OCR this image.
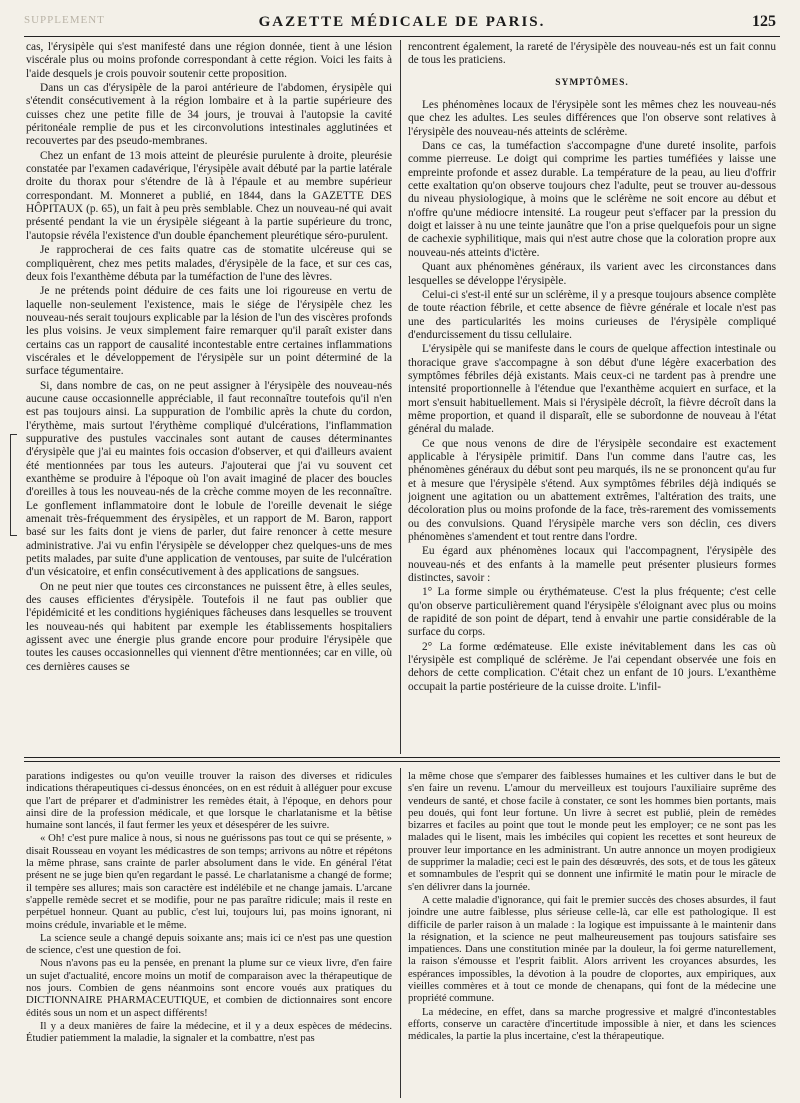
SUPPLEMENT	GAZETTE MÉDICALE DE PARIS.	125

cas, l'érysipèle qui s'est manifesté dans une région donnée, tient à une lésion viscérale plus ou moins profonde correspondant à cette région. Voici les faits à l'aide desquels je crois pouvoir soutenir cette proposition.

Dans un cas d'érysipèle de la paroi antérieure de l'abdomen, érysipèle qui s'étendit consécutivement à la région lombaire et à la partie supérieure des cuisses chez une petite fille de 34 jours, je trouvai à l'autopsie la cavité péritonéale remplie de pus et les circonvolutions intestinales agglutinées et recouvertes par des pseudo-membranes.

Chez un enfant de 13 mois atteint de pleurésie purulente à droite, pleurésie constatée par l'examen cadavérique, l'érysipèle avait débuté par la partie latérale droite du thorax pour s'étendre de là à l'épaule et au membre supérieur correspondant. M. Monneret a publié, en 1844, dans la GAZETTE DES HÔPITAUX (p. 65), un fait à peu près semblable. Chez un nouveau-né qui avait présenté pendant la vie un érysipèle siégeant à la partie supérieure du tronc, l'autopsie révéla l'existence d'un double épanchement pleurétique séro-purulent.

Je rapprocherai de ces faits quatre cas de stomatite ulcéreuse qui se compliquèrent, chez mes petits malades, d'érysipèle de la face, et sur ces cas, deux fois l'exanthème débuta par la tuméfaction de l'une des lèvres.

Je ne prétends point déduire de ces faits une loi rigoureuse en vertu de laquelle non-seulement l'existence, mais le siége de l'érysipèle chez les nouveau-nés serait toujours explicable par la lésion de l'un des viscères profonds les plus voisins. Je veux simplement faire remarquer qu'il paraît exister dans certains cas un rapport de causalité incontestable entre certaines inflammations viscérales et le développement de l'érysipèle sur un point déterminé de la surface tégumentaire.

Si, dans nombre de cas, on ne peut assigner à l'érysipèle des nouveau-nés aucune cause occasionnelle appréciable, il faut reconnaître toutefois qu'il n'en est pas toujours ainsi. La suppuration de l'ombilic après la chute du cordon, l'érythème, mais surtout l'érythème compliqué d'ulcérations, l'inflammation suppurative des pustules vaccinales sont autant de causes déterminantes d'érysipèle que j'ai eu maintes fois occasion d'observer, et qui d'ailleurs avaient été mentionnées par tous les auteurs. J'ajouterai que j'ai vu souvent cet exanthème se produire à l'époque où l'on avait imaginé de placer des boucles d'oreilles à tous les nouveau-nés de la crèche comme moyen de les reconnaître. Le gonflement inflammatoire dont le lobule de l'oreille devenait le siége amenait très-fréquemment des érysipèles, et un rapport de M. Baron, rapport basé sur les faits dont je viens de parler, dut faire renoncer à cette mesure administrative. J'ai vu enfin l'érysipèle se développer chez quelques-uns de mes petits malades, par suite d'une application de ventouses, par suite de l'ulcération d'un vésicatoire, et enfin consécutivement à des applications de sangsues.

On ne peut nier que toutes ces circonstances ne puissent être, à elles seules, des causes efficientes d'érysipèle. Toutefois il ne faut pas oublier que l'épidémicité et les conditions hygiéniques fâcheuses dans lesquelles se trouvent les nouveau-nés qui habitent par exemple les établissements hospitaliers agissent avec une énergie plus grande encore pour produire l'érysipèle que toutes les causes occasionnelles qui viennent d'être mentionnées; car en ville, où ces dernières causes se

rencontrent également, la rareté de l'érysipèle des nouveau-nés est un fait connu de tous les praticiens.

SYMPTÔMES.

Les phénomènes locaux de l'érysipèle sont les mêmes chez les nouveau-nés que chez les adultes. Les seules différences que l'on observe sont relatives à l'érysipèle des nouveau-nés atteints de sclérème.

Dans ce cas, la tuméfaction s'accompagne d'une dureté insolite, parfois comme pierreuse. Le doigt qui comprime les parties tuméfiées y laisse une empreinte profonde et assez durable. La température de la peau, au lieu d'offrir cette exaltation qu'on observe toujours chez l'adulte, peut se trouver au-dessous du niveau physiologique, à moins que le sclérème ne soit encore au début et n'offre qu'une médiocre intensité. La rougeur peut s'effacer par la pression du doigt et laisser à nu une teinte jaunâtre que l'on a prise quelquefois pour un signe de cachexie syphilitique, mais qui n'est autre chose que la coloration propre aux nouveau-nés atteints d'ictère.

Quant aux phénomènes généraux, ils varient avec les circonstances dans lesquelles se développe l'érysipèle.

Celui-ci s'est-il enté sur un sclérème, il y a presque toujours absence complète de toute réaction fébrile, et cette absence de fièvre générale et locale n'est pas une des particularités les moins curieuses de l'érysipèle compliqué d'endurcissement du tissu cellulaire.

L'érysipèle qui se manifeste dans le cours de quelque affection intestinale ou thoracique grave s'accompagne à son début d'une légère exacerbation des symptômes fébriles déjà existants. Mais ceux-ci ne tardent pas à prendre une intensité proportionnelle à l'étendue que l'exanthème acquiert en surface, et la mort s'ensuit habituellement. Mais si l'érysipèle décroît, la fièvre décroît dans la même proportion, et quand il disparaît, elle se subordonne de nouveau à l'état général du malade.

Ce que nous venons de dire de l'érysipèle secondaire est exactement applicable à l'érysipèle primitif. Dans l'un comme dans l'autre cas, les phénomènes généraux du début sont peu marqués, ils ne se prononcent qu'au fur et à mesure que l'érysipèle s'étend. Aux symptômes fébriles déjà indiqués se joignent une agitation ou un abattement extrêmes, l'altération des traits, une décoloration plus ou moins profonde de la face, très-rarement des vomissements ou des convulsions. Quand l'érysipèle marche vers son déclin, ces divers phénomènes s'amendent et tout rentre dans l'ordre.

Eu égard aux phénomènes locaux qui l'accompagnent, l'érysipèle des nouveau-nés et des enfants à la mamelle peut présenter plusieurs formes distinctes, savoir :

1° La forme simple ou érythémateuse. C'est la plus fréquente; c'est celle qu'on observe particulièrement quand l'érysipèle s'éloignant avec plus ou moins de rapidité de son point de départ, tend à envahir une partie considérable de la surface du corps.

2° La forme œdémateuse. Elle existe inévitablement dans les cas où l'érysipèle est compliqué de sclérème. Je l'ai cependant observée une fois en dehors de cette complication. C'était chez un enfant de 10 jours. L'exanthème occupait la partie postérieure de la cuisse droite. L'infil-

parations indigestes ou qu'on veuille trouver la raison des diverses et ridicules indications thérapeutiques ci-dessus énoncées, on en est réduit à alléguer pour excuse que l'art de préparer et d'administrer les remèdes était, à l'époque, en dehors pour ainsi dire de la profession médicale, et que lorsque le charlatanisme et la bêtise humaine sont lancés, il faut fermer les yeux et désespérer de les suivre.

« Oh! c'est pure malice à nous, si nous ne guérissons pas tout ce qui se présente, » disait Rousseau en voyant les médicastres de son temps; arrivons au nôtre et répétons la même phrase, sans crainte de parler absolument dans le vide. En général l'état présent ne se juge bien qu'en regardant le passé. Le charlatanisme a changé de forme; il tempère ses allures; mais son caractère est indélébile et ne change jamais. L'arcane s'appelle remède secret et se modifie, pour ne pas paraître ridicule; mais il reste en perpétuel honneur. Quant au public, c'est lui, toujours lui, pas moins ignorant, ni moins crédule, invariable et le même.

La science seule a changé depuis soixante ans; mais ici ce n'est pas une question de science, c'est une question de foi.

Nous n'avons pas eu la pensée, en prenant la plume sur ce vieux livre, d'en faire un sujet d'actualité, encore moins un motif de comparaison avec la thérapeutique de nos jours. Combien de gens néanmoins sont encore voués aux pratiques du DICTIONNAIRE PHARMACEUTIQUE, et combien de dictionnaires sont encore édités sous un nom et un aspect différents!

Il y a deux manières de faire la médecine, et il y a deux espèces de médecins. Étudier patiemment la maladie, la signaler et la combattre, n'est pas

la même chose que s'emparer des faiblesses humaines et les cultiver dans le but de s'en faire un revenu. L'amour du merveilleux est toujours l'auxiliaire suprême des vendeurs de santé, et chose facile à constater, ce sont les hommes bien portants, mais peu doués, qui font leur fortune. Un livre à secret est publié, plein de remèdes bizarres et faciles au point que tout le monde peut les employer; ce ne sont pas les malades qui le lisent, mais les imbéciles qui copient les recettes et sont heureux de prouver leur importance en les administrant. Un autre annonce un moyen prodigieux de supprimer la maladie; ceci est le pain des désœuvrés, des sots, et de tous les gâteux et somnambules de l'esprit qui se donnent une infirmité le matin pour le miracle de s'en délivrer dans la journée.

A cette maladie d'ignorance, qui fait le premier succès des choses absurdes, il faut joindre une autre faiblesse, plus sérieuse celle-là, car elle est pathologique. Il est difficile de parler raison à un malade : la logique est impuissante à le maintenir dans la résignation, et la science ne peut malheureusement pas toujours satisfaire ses impatiences. Dans une constitution minée par la douleur, la foi germe naturellement, la raison s'émousse et l'esprit faiblit. Alors arrivent les croyances absurdes, les espérances impossibles, la dévotion à la poudre de cloportes, aux empiriques, aux vieilles commères et à tout ce monde de chenapans, qui font de la médecine une propriété commune.

La médecine, en effet, dans sa marche progressive et malgré d'incontestables efforts, conserve un caractère d'incertitude impossible à nier, et dans les sciences médicales, la partie la plus incertaine, c'est la thérapeutique.
